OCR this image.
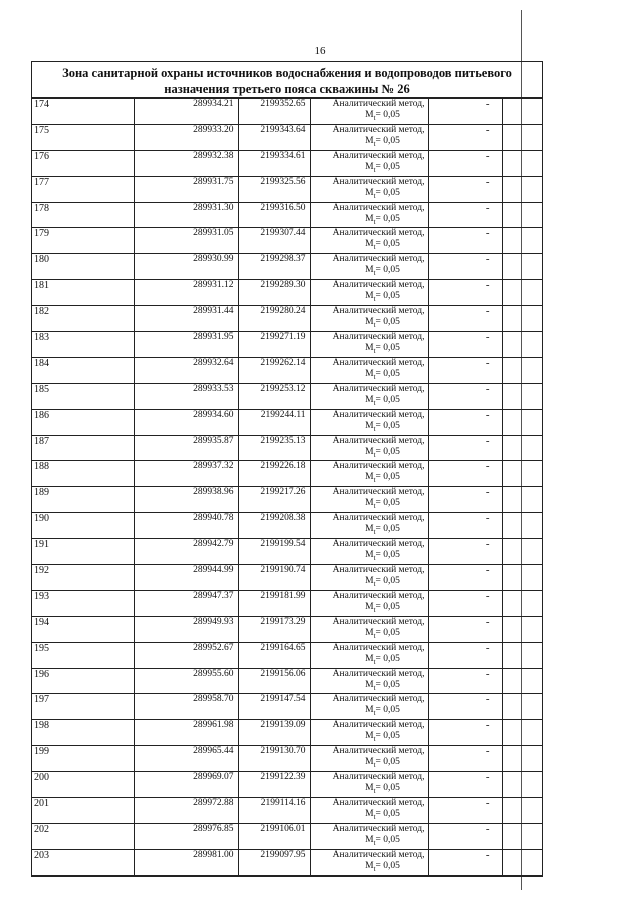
16
Зона санитарной охраны источников водоснабжения и водопроводов питьевого
назначения третьего пояса скважины № 26
174	289934.21	2199352.65	Аналитический метод,
$M_t= 0,05$	-	
175	289933.20	2199343.64	Аналитический метод,
$M_t= 0,05$	-	
176	289932.38	2199334.61	Аналитический метод,
$M_t= 0,05$	-	
177	289931.75	2199325.56	Аналитический метод,
$M_t= 0,05$	-	
178	289931.30	2199316.50	Аналитический метод,
$M_t= 0,05$	-	
179	289931.05	2199307.44	Аналитический метод,
$M_t= 0,05$	-	
180	289930.99	2199298.37	Аналитический метод,
$M_t= 0,05$	-	
181	289931.12	2199289.30	Аналитический метод,
$M_t= 0,05$	-	
182	289931.44	2199280.24	Аналитический метод,
$M_t= 0,05$	-	
183	289931.95	2199271.19	Аналитический метод,
$M_t= 0,05$	-	
184	289932.64	2199262.14	Аналитический метод,
$M_t= 0,05$	-	
185	289933.53	2199253.12	Аналитический метод,
$M_t= 0,05$	-	
186	289934.60	2199244.11	Аналитический метод,
$M_t= 0,05$	-	
187	289935.87	2199235.13	Аналитический метод,
$M_t= 0,05$	-	
188	289937.32	2199226.18	Аналитический метод,
$M_t= 0,05$	-	
189	289938.96	2199217.26	Аналитический метод,
$M_t= 0,05$	-	
190	289940.78	2199208.38	Аналитический метод,
$M_t= 0,05$	-	
191	289942.79	2199199.54	Аналитический метод,
$M_t= 0,05$	-	
192	289944.99	2199190.74	Аналитический метод,
$M_t= 0,05$	-	
193	289947.37	2199181.99	Аналитический метод,
$M_t= 0,05$	-	
194	289949.93	2199173.29	Аналитический метод,
$M_t= 0,05$	-	
195	289952.67	2199164.65	Аналитический метод,
$M_t= 0,05$	-	
196	289955.60	2199156.06	Аналитический метод,
$M_t= 0,05$	-	
197	289958.70	2199147.54	Аналитический метод,
$M_t= 0,05$	-	
198	289961.98	2199139.09	Аналитический метод,
$M_t= 0,05$	-	
199	289965.44	2199130.70	Аналитический метод,
$M_t= 0,05$	-	
200	289969.07	2199122.39	Аналитический метод,
$M_t= 0,05$	-	
201	289972.88	2199114.16	Аналитический метод,
$M_t= 0,05$	-	
202	289976.85	2199106.01	Аналитический метод,
$M_t= 0,05$	-	
203	289981.00	2199097.95	Аналитический метод,
$M_t= 0,05$	-	
